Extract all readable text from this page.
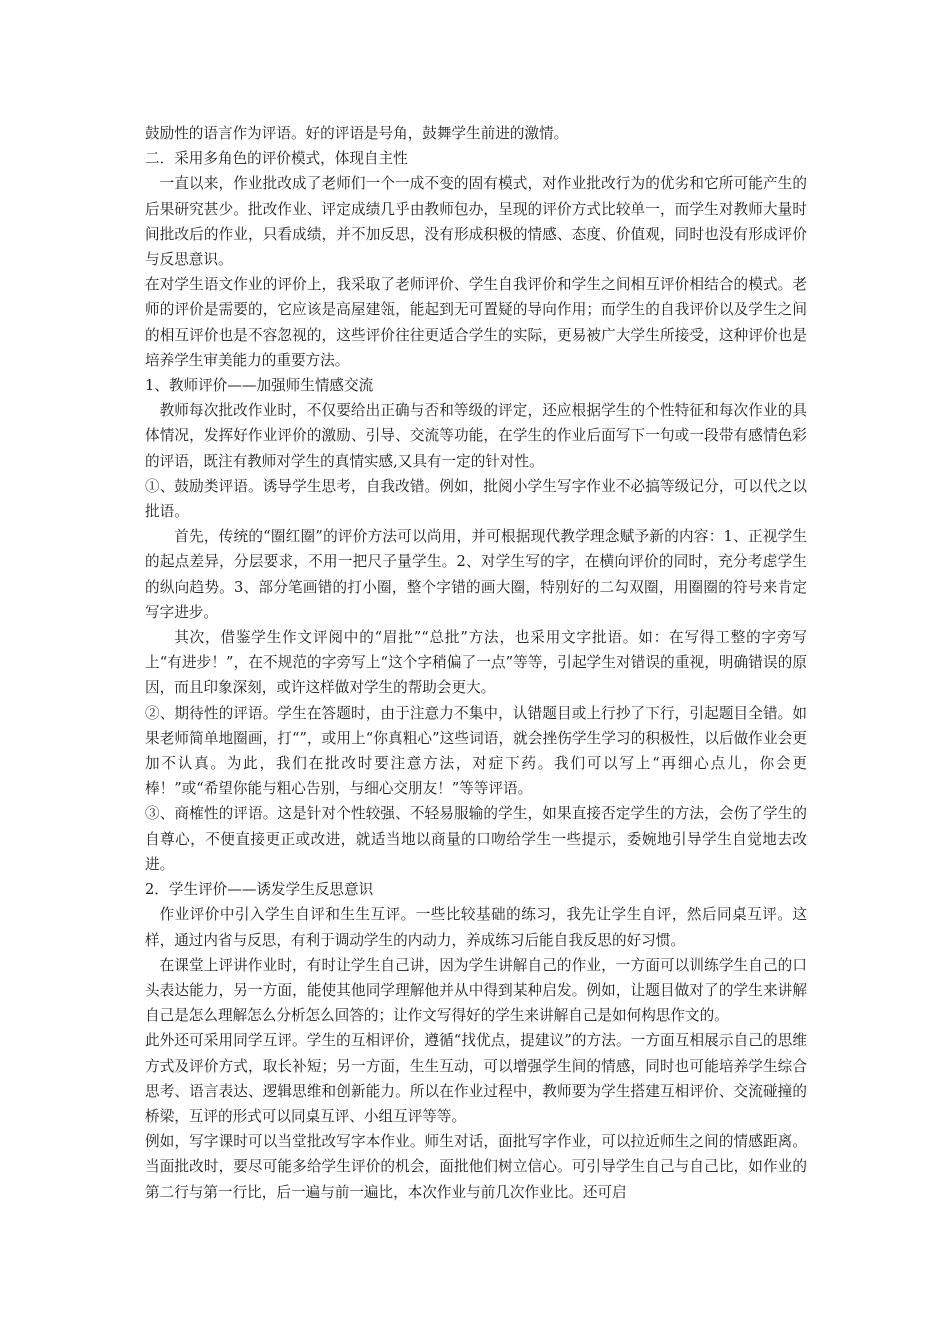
鼓励性的语言作为评语。好的评语是号角，鼓舞学生前进的激情。

二．采用多角色的评价模式，体现自主性

一直以来，作业批改成了老师们一个一成不变的固有模式，对作业批改行为的优劣和它所可能产生的后果研究甚少。批改作业、评定成绩几乎由教师包办，呈现的评价方式比较单一，而学生对教师大量时间批改后的作业，只看成绩，并不加反思，没有形成积极的情感、态度、价值观，同时也没有形成评价与反思意识。

在对学生语文作业的评价上，我采取了老师评价、学生自我评价和学生之间相互评价相结合的模式。老师的评价是需要的，它应该是高屋建瓴，能起到无可置疑的导向作用；而学生的自我评价以及学生之间的相互评价也是不容忽视的，这些评价往往更适合学生的实际，更易被广大学生所接受，这种评价也是培养学生审美能力的重要方法。

1、教师评价——加强师生情感交流

教师每次批改作业时，不仅要给出正确与否和等级的评定，还应根据学生的个性特征和每次作业的具体情况，发挥好作业评价的激励、引导、交流等功能，在学生的作业后面写下一句或一段带有感情色彩的评语，既注有教师对学生的真情实感,又具有一定的针对性。

①、鼓励类评语。诱导学生思考，自我改错。例如，批阅小学生写字作业不必搞等级记分，可以代之以批语。

首先，传统的“圈红圈”的评价方法可以尚用，并可根据现代教学理念赋予新的内容：1、正视学生的起点差异，分层要求，不用一把尺子量学生。2、对学生写的字，在横向评价的同时，充分考虑学生的纵向趋势。3、部分笔画错的打小圈，整个字错的画大圈，特别好的二勾双圈，用圈圈的符号来肯定写字进步。

其次，借鉴学生作文评阅中的“眉批”“总批”方法，也采用文字批语。如：在写得工整的字旁写上“有进步！”，在不规范的字旁写上“这个字稍偏了一点”等等，引起学生对错误的重视，明确错误的原因，而且印象深刻，或许这样做对学生的帮助会更大。

②、期待性的评语。学生在答题时，由于注意力不集中，认错题目或上行抄了下行，引起题目全错。如果老师简单地圈画，打“”，或用上“你真粗心”这些词语，就会挫伤学生学习的积极性，以后做作业会更加不认真。为此，我们在批改时要注意方法，对症下药。我们可以写上“再细心点儿，你会更棒！”或“希望你能与粗心告别，与细心交朋友！”等等评语。

③、商榷性的评语。这是针对个性较强、不轻易服输的学生，如果直接否定学生的方法，会伤了学生的自尊心，不便直接更正或改进，就适当地以商量的口吻给学生一些提示，委婉地引导学生自觉地去改进。

2．学生评价——诱发学生反思意识

作业评价中引入学生自评和生生互评。一些比较基础的练习，我先让学生自评，然后同桌互评。这样，通过内省与反思，有利于调动学生的内动力，养成练习后能自我反思的好习惯。

在课堂上评讲作业时，有时让学生自己讲，因为学生讲解自己的作业，一方面可以训练学生自己的口头表达能力，另一方面，能使其他同学理解他并从中得到某种启发。例如，让题目做对了的学生来讲解自己是怎么理解怎么分析怎么回答的；让作文写得好的学生来讲解自己是如何构思作文的。

此外还可采用同学互评。学生的互相评价，遵循“找优点，提建议”的方法。一方面互相展示自己的思维方式及评价方式，取长补短；另一方面，生生互动，可以增强学生间的情感，同时也可能培养学生综合思考、语言表达、逻辑思维和创新能力。所以在作业过程中，教师要为学生搭建互相评价、交流碰撞的桥梁，互评的形式可以同桌互评、小组互评等等。

例如，写字课时可以当堂批改写字本作业。师生对话，面批写字作业，可以拉近师生之间的情感距离。当面批改时，要尽可能多给学生评价的机会，面批他们树立信心。可引导学生自己与自己比，如作业的第二行与第一行比，后一遍与前一遍比，本次作业与前几次作业比。还可启
